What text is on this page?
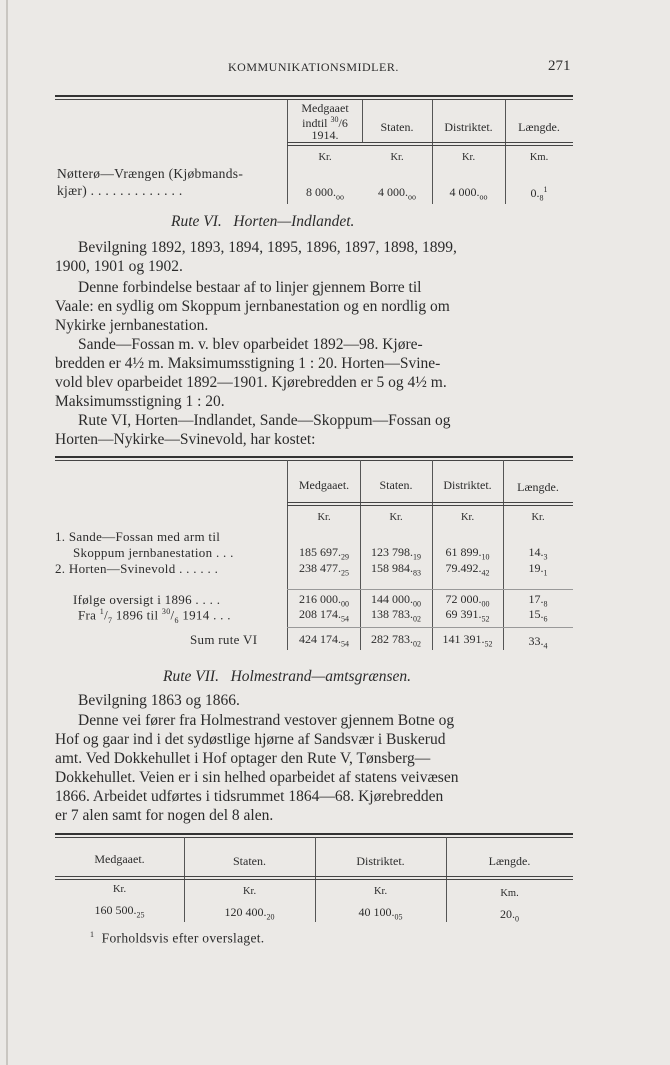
KOMMUNIKATIONSMIDLER.	271
Medgaaet
indtil $^{30}$/6
1914.
Staten.	Distriktet.	Længde.
Kr.	Kr.	Kr.	Km.
Nøtterø—Vrængen (Kjøbmands-
kjær) . . . . . . . . . . . . .	8 $000._{oo}$	4 $000._{oo}$	4 $000._{oo}$	$0._8^1$
Rute VI. Horten—Indlandet.
Bevilgning 1892, 1893, 1894, 1895, 1896, 1897, 1898, 1899,
1900, 1901 og 1902.
Denne forbindelse bestaar af to linjer gjennem Borre til
Vaale: en sydlig om Skoppum jernbanestation og en nordlig om
Nykirke jernbanestation.
Sande—Fossan m. v. blev oparbeidet 1892—98. Kjøre-
bredden er 4½ m. Maksimumsstigning 1 : 20. Horten—Svine-
vold blev oparbeidet 1892—1901. Kjørebredden er 5 og 4½ m.
Maksimumsstigning 1 : 20.
Rute VI, Horten—Indlandet, Sande—Skoppum—Fossan og
Horten—Nykirke—Svinevold, har kostet:
Medgaaet.	Staten.	Distriktet.	Længde.
Kr.	Kr.	Kr.	Kr.
1. Sande—Fossan med arm til
Skoppum jernbanestation . . .	185 $697._{29}$	123 $798._{19}$	61 $899._{10}$	$14._3$
2. Horten—Svinevold . . . . . .	238 $477._{25}$	158 $984._{83}$	$79.492._{42}$	$19._1$
Ifølge oversigt i 1896 . . . .	216 $000._{00}$	144 $000._{00}$	72 $000._{00}$	$17._8$
Fra $^1/_7$ 1896 til $^{30}/_6$ 1914 . . .	208 $174._{54}$	138 $783._{02}$	69 $391._{52}$	$15._6$
Sum rute VI	424 $174._{54}$	282 $783._{02}$	141 $391._{52}$	$33._4$
Rute VII. Holmestrand—amtsgrænsen.
Bevilgning 1863 og 1866.
Denne vei fører fra Holmestrand vestover gjennem Botne og
Hof og gaar ind i det sydøstlige hjørne af Sandsvær i Buskerud
amt. Ved Dokkehullet i Hof optager den Rute V, Tønsberg—
Dokkehullet. Veien er i sin helhed oparbeidet af statens veivæsen
1866. Arbeidet udførtes i tidsrummet 1864—68. Kjørebredden
er 7 alen samt for nogen del 8 alen.
Medgaaet.	Staten.	Distriktet.	Længde.
Kr.	Kr.	Kr.	Km.
160 $500._{25}$	120 $400._{20}$	40 $100._{05}$	$20._0$
$^1$ Forholdsvis efter overslaget.
